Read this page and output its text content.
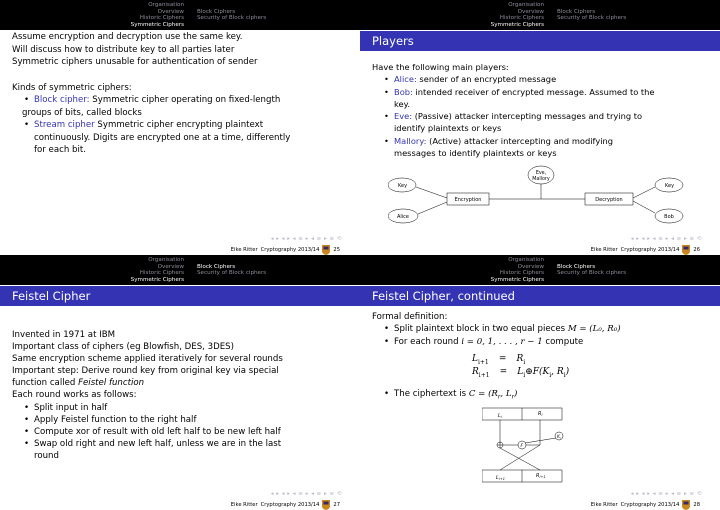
Organisation
Overview
Historic Ciphers
Symmetric Ciphers
Block Ciphers
Security of Block ciphers

Assume encryption and decryption use the same key.

Will discuss how to distribute key to all parties later

Symmetric ciphers unusable for authentication of sender

Kinds of symmetric ciphers:

• Block cipher: Symmetric cipher operating on fixed-length

groups of bits, called blocks

• Stream cipher Symmetric cipher encrypting plaintext

continuously. Digits are encrypted one at a time, differently

for each bit.

◂ ▸ ◂ ▸ ◂ ≡ ▸ ◂ ≡ ▸ ≡ ⟲
Eike Ritter Cryptography 2013/14	25
Organisation
Overview
Historic Ciphers
Symmetric Ciphers
Block Ciphers
Security of Block ciphers
Players

Have the following main players:

• Alice: sender of an encrypted message

• Bob: intended receiver of encrypted message. Assumed to the

key.

• Eve: (Passive) attacker intercepting messages and trying to

identify plaintexts or keys

• Mallory: (Active) attacker intercepting and modifying

messages to identify plaintexts or keys

Eve,
Mallory
Key	Key
Encryption	Decryption
Alice	Bob
◂ ▸ ◂ ▸ ◂ ≡ ▸ ◂ ≡ ▸ ≡ ⟲
Eike Ritter Cryptography 2013/14	26
Organisation
Overview
Historic Ciphers
Symmetric Ciphers
Block Ciphers
Security of Block ciphers
Feistel Cipher

Invented in 1971 at IBM

Important class of ciphers (eg Blowfish, DES, 3DES)

Same encryption scheme applied iteratively for several rounds

Important step: Derive round key from original key via special

function called Feistel function

Each round works as follows:

• Split input in half

• Apply Feistel function to the right half

• Compute xor of result with old left half to be new left half

• Swap old right and new left half, unless we are in the last

round

◂ ▸ ◂ ▸ ◂ ≡ ▸ ◂ ≡ ▸ ≡ ⟲
Eike Ritter Cryptography 2013/14	27
Organisation
Overview
Historic Ciphers
Symmetric Ciphers
Block Ciphers
Security of Block ciphers
Feistel Cipher, continued

Formal definition:

• Split plaintext block in two equal pieces M = (L₀, R₀)

• For each round i = 0, 1, . . . , r − 1 compute

$L_{i+1} = R_i$
$R_{i+1}$ = $L_i\oplus F(K_i$, $R_i$)

• The ciphertext is $C = (R_r$, $L_r$)

$L_i$	$R_i$
$K_i$
F
$L_{i+1}$	$R_{i+1}$
◂ ▸ ◂ ▸ ◂ ≡ ▸ ◂ ≡ ▸ ≡ ⟲
Eike Ritter Cryptography 2013/14	28
